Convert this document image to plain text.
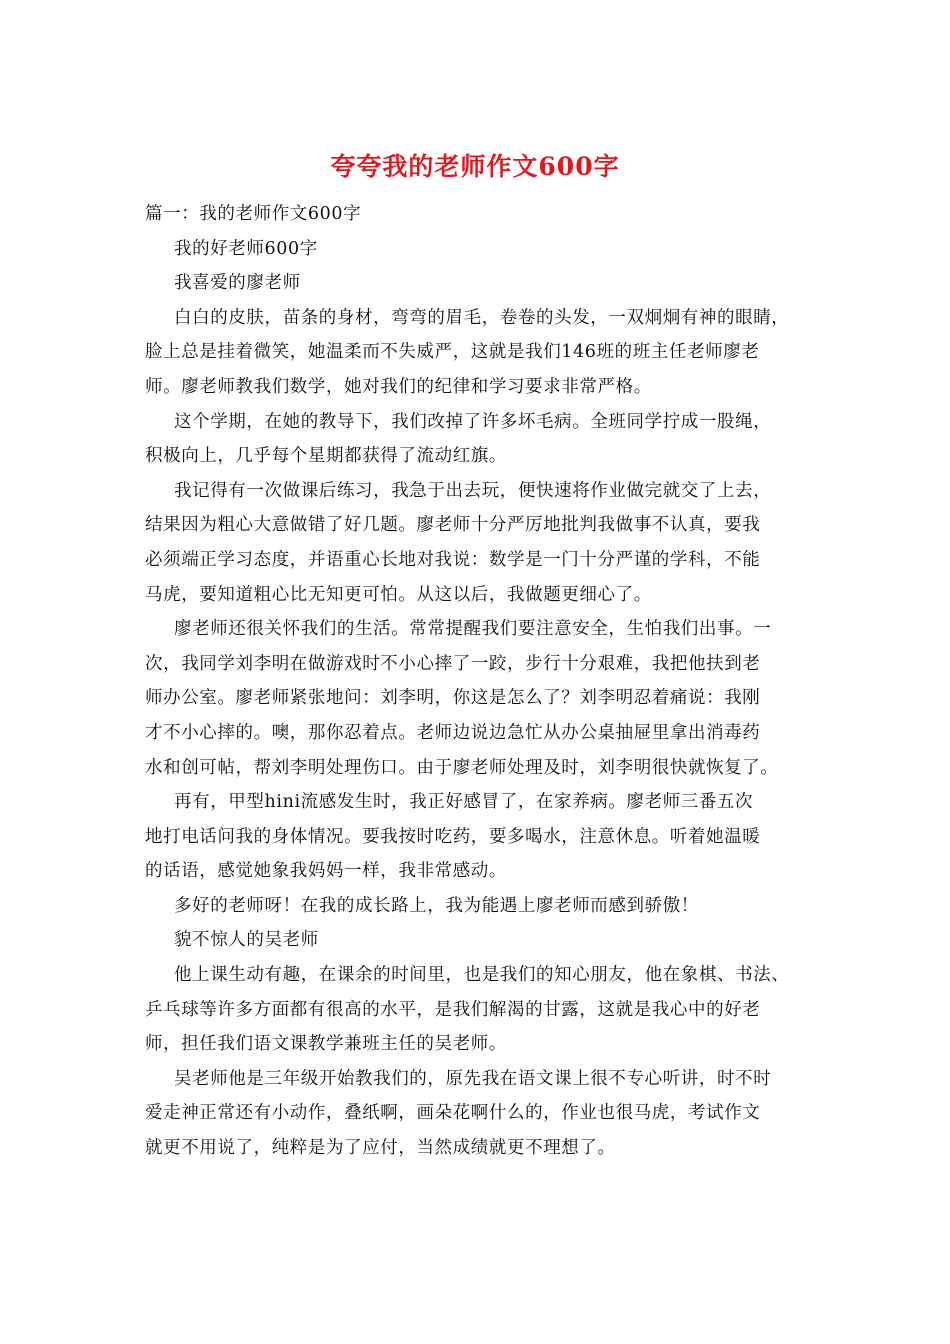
夸夸我的老师作文600字
篇一：我的老师作文600字
我的好老师600字
我喜爱的廖老师
白白的皮肤，苗条的身材，弯弯的眉毛，卷卷的头发，一双炯炯有神的眼睛，
脸上总是挂着微笑，她温柔而不失威严，这就是我们146班的班主任老师廖老
师。廖老师教我们数学，她对我们的纪律和学习要求非常严格。
这个学期，在她的教导下，我们改掉了许多坏毛病。全班同学拧成一股绳，
积极向上，几乎每个星期都获得了流动红旗。
我记得有一次做课后练习，我急于出去玩，便快速将作业做完就交了上去，
结果因为粗心大意做错了好几题。廖老师十分严厉地批判我做事不认真，要我
必须端正学习态度，并语重心长地对我说：数学是一门十分严谨的学科，不能
马虎，要知道粗心比无知更可怕。从这以后，我做题更细心了。
廖老师还很关怀我们的生活。常常提醒我们要注意安全，生怕我们出事。一
次，我同学刘李明在做游戏时不小心摔了一跤，步行十分艰难，我把他扶到老
师办公室。廖老师紧张地问：刘李明，你这是怎么了？刘李明忍着痛说：我刚
才不小心摔的。噢，那你忍着点。老师边说边急忙从办公桌抽屉里拿出消毒药
水和创可帖，帮刘李明处理伤口。由于廖老师处理及时，刘李明很快就恢复了。
再有，甲型hini流感发生时，我正好感冒了，在家养病。廖老师三番五次
地打电话问我的身体情况。要我按时吃药，要多喝水，注意休息。听着她温暖
的话语，感觉她象我妈妈一样，我非常感动。
多好的老师呀！在我的成长路上，我为能遇上廖老师而感到骄傲！
貌不惊人的吴老师
他上课生动有趣，在课余的时间里，也是我们的知心朋友，他在象棋、书法、
乒乓球等许多方面都有很高的水平，是我们解渴的甘露，这就是我心中的好老
师，担任我们语文课教学兼班主任的吴老师。
吴老师他是三年级开始教我们的，原先我在语文课上很不专心听讲，时不时
爱走神正常还有小动作，叠纸啊，画朵花啊什么的，作业也很马虎，考试作文
就更不用说了，纯粹是为了应付，当然成绩就更不理想了。
